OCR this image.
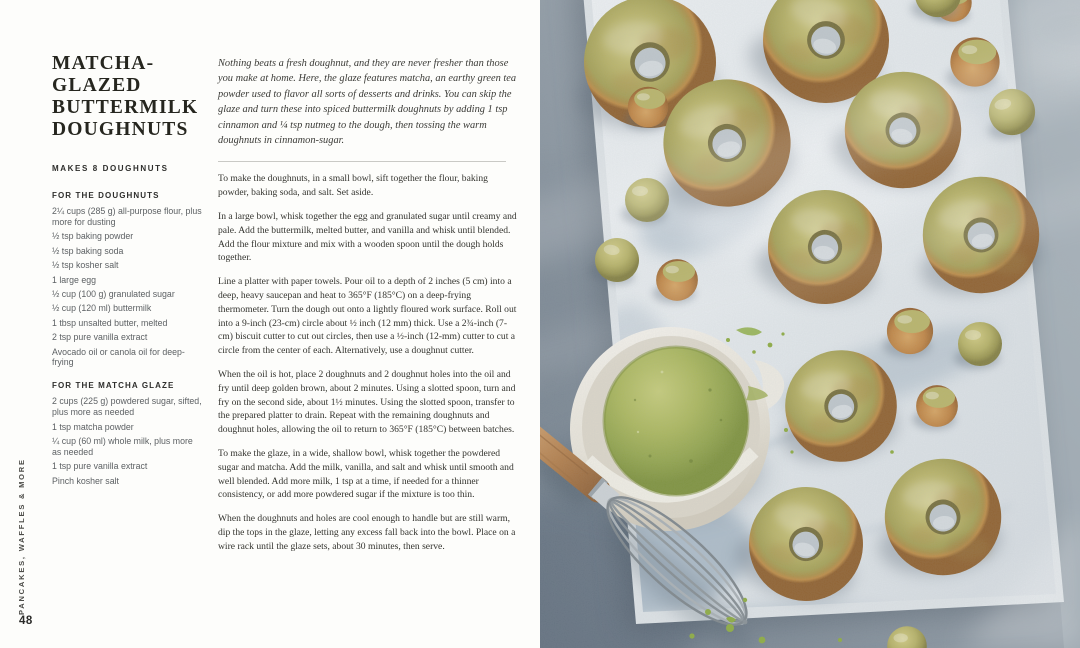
PANCAKES, WAFFLES & MORE
48
MATCHA-
GLAZED
BUTTERMILK
DOUGHNUTS
MAKES 8 DOUGHNUTS
FOR THE DOUGHNUTS
2¼ cups (285 g) all-purpose flour, plus more for dusting
½ tsp baking powder
½ tsp baking soda
½ tsp kosher salt
1 large egg
½ cup (100 g) granulated sugar
½ cup (120 ml) buttermilk
1 tbsp unsalted butter, melted
2 tsp pure vanilla extract
Avocado oil or canola oil for deep-frying
FOR THE MATCHA GLAZE
2 cups (225 g) powdered sugar, sifted, plus more as needed
1 tsp matcha powder
¼ cup (60 ml) whole milk, plus more as needed
1 tsp pure vanilla extract
Pinch kosher salt

Nothing beats a fresh doughnut, and they are never fresher than those you make at home. Here, the glaze features matcha, an earthy green tea powder used to flavor all sorts of desserts and drinks. You can skip the glaze and turn these into spiced buttermilk doughnuts by adding 1 tsp cinnamon and ¼ tsp nutmeg to the dough, then tossing the warm doughnuts in cinnamon-sugar.

To make the doughnuts, in a small bowl, sift together the flour, baking powder, baking soda, and salt. Set aside.

In a large bowl, whisk together the egg and granulated sugar until creamy and pale. Add the buttermilk, melted butter, and vanilla and whisk until blended. Add the flour mixture and mix with a wooden spoon until the dough holds together.

Line a platter with paper towels. Pour oil to a depth of 2 inches (5 cm) into a deep, heavy saucepan and heat to 365°F (185°C) on a deep-frying thermometer. Turn the dough out onto a lightly floured work surface. Roll out into a 9-inch (23-cm) circle about ½ inch (12 mm) thick. Use a 2¾-inch (7-cm) biscuit cutter to cut out circles, then use a ½-inch (12-mm) cutter to cut a circle from the center of each. Alternatively, use a doughnut cutter.

When the oil is hot, place 2 doughnuts and 2 doughnut holes into the oil and fry until deep golden brown, about 2 minutes. Using a slotted spoon, turn and fry on the second side, about 1½ minutes. Using the slotted spoon, transfer to the prepared platter to drain. Repeat with the remaining doughnuts and doughnut holes, allowing the oil to return to 365°F (185°C) between batches.

To make the glaze, in a wide, shallow bowl, whisk together the powdered sugar and matcha. Add the milk, vanilla, and salt and whisk until smooth and well blended. Add more milk, 1 tsp at a time, if needed for a thinner consistency, or add more powdered sugar if the mixture is too thin.

When the doughnuts and holes are cool enough to handle but are still warm, dip the tops in the glaze, letting any excess fall back into the bowl. Place on a wire rack until the glaze sets, about 30 minutes, then serve.
